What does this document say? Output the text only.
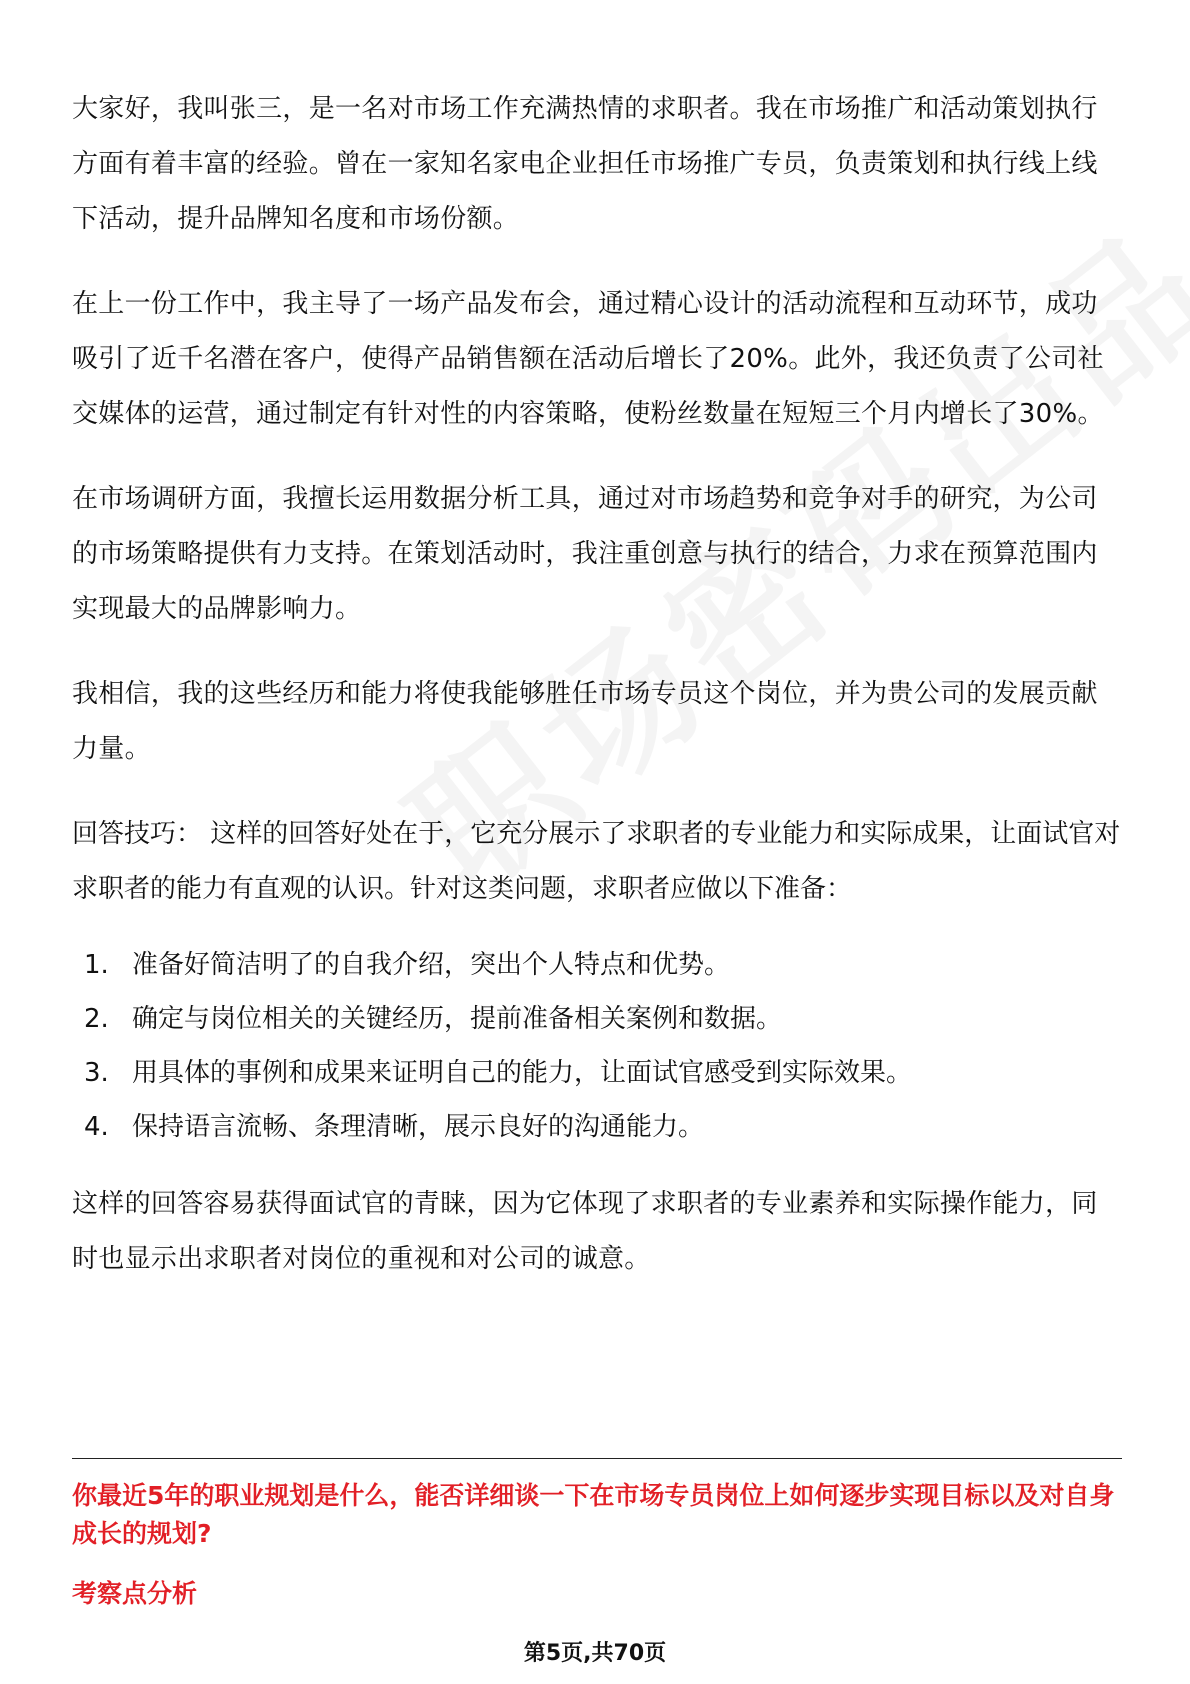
大家好，我叫张三，是一名对市场工作充满热情的求职者。我在市场推广和活动策划执行方面有着丰富的经验。曾在一家知名家电企业担任市场推广专员，负责策划和执行线上线下活动，提升品牌知名度和市场份额。

在上一份工作中，我主导了一场产品发布会，通过精心设计的活动流程和互动环节，成功吸引了近千名潜在客户，使得产品销售额在活动后增长了20%。此外，我还负责了公司社交媒体的运营，通过制定有针对性的内容策略，使粉丝数量在短短三个月内增长了30%。

在市场调研方面，我擅长运用数据分析工具，通过对市场趋势和竞争对手的研究，为公司的市场策略提供有力支持。在策划活动时，我注重创意与执行的结合，力求在预算范围内实现最大的品牌影响力。

我相信，我的这些经历和能力将使我能够胜任市场专员这个岗位，并为贵公司的发展贡献力量。

回答技巧： 这样的回答好处在于，它充分展示了求职者的专业能力和实际成果，让面试官对求职者的能力有直观的认识。针对这类问题，求职者应做以下准备：

1. 准备好简洁明了的自我介绍，突出个人特点和优势。
2. 确定与岗位相关的关键经历，提前准备相关案例和数据。
3. 用具体的事例和成果来证明自己的能力，让面试官感受到实际效果。
4. 保持语言流畅、条理清晰，展示良好的沟通能力。

这样的回答容易获得面试官的青睐，因为它体现了求职者的专业素养和实际操作能力，同时也显示出求职者对岗位的重视和对公司的诚意。

你最近5年的职业规划是什么，能否详细谈一下在市场专员岗位上如何逐步实现目标以及对自身成长的规划?
考察点分析
第5页,共70页
